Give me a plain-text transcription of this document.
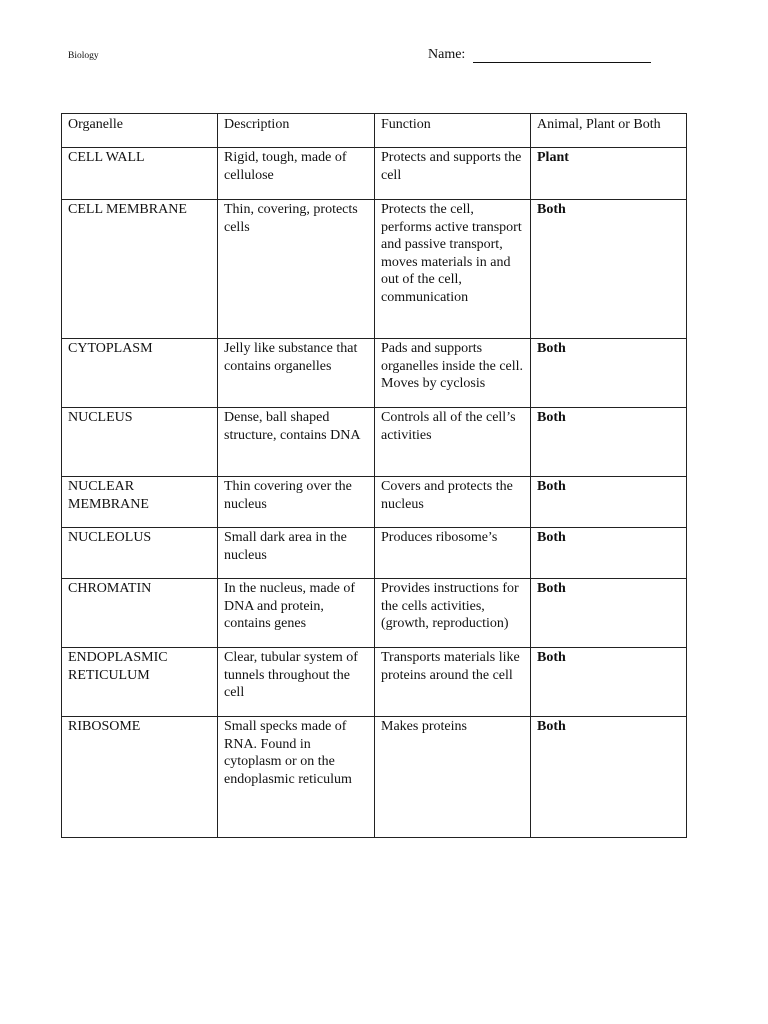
Biology	Name:
Organelle	Description	Function	Animal, Plant or Both
CELL WALL	Rigid, tough, made of cellulose	Protects and supports the cell	Plant
CELL MEMBRANE	Thin, covering, protects cells	Protects the cell, performs active transport and passive transport, moves materials in and out of the cell, communication	Both
CYTOPLASM	Jelly like substance that contains organelles	Pads and supports organelles inside the cell. Moves by cyclosis	Both
NUCLEUS	Dense, ball shaped structure, contains DNA	Controls all of the cell’s activities	Both
NUCLEAR MEMBRANE	Thin covering over the nucleus	Covers and protects the nucleus	Both
NUCLEOLUS	Small dark area in the nucleus	Produces ribosome’s	Both
CHROMATIN	In the nucleus, made of DNA and protein, contains genes	Provides instructions for the cells activities, (growth, reproduction)	Both
ENDOPLASMIC RETICULUM	Clear, tubular system of tunnels throughout the cell	Transports materials like proteins around the cell	Both
RIBOSOME	Small specks made of RNA. Found in cytoplasm or on the endoplasmic reticulum	Makes proteins	Both
